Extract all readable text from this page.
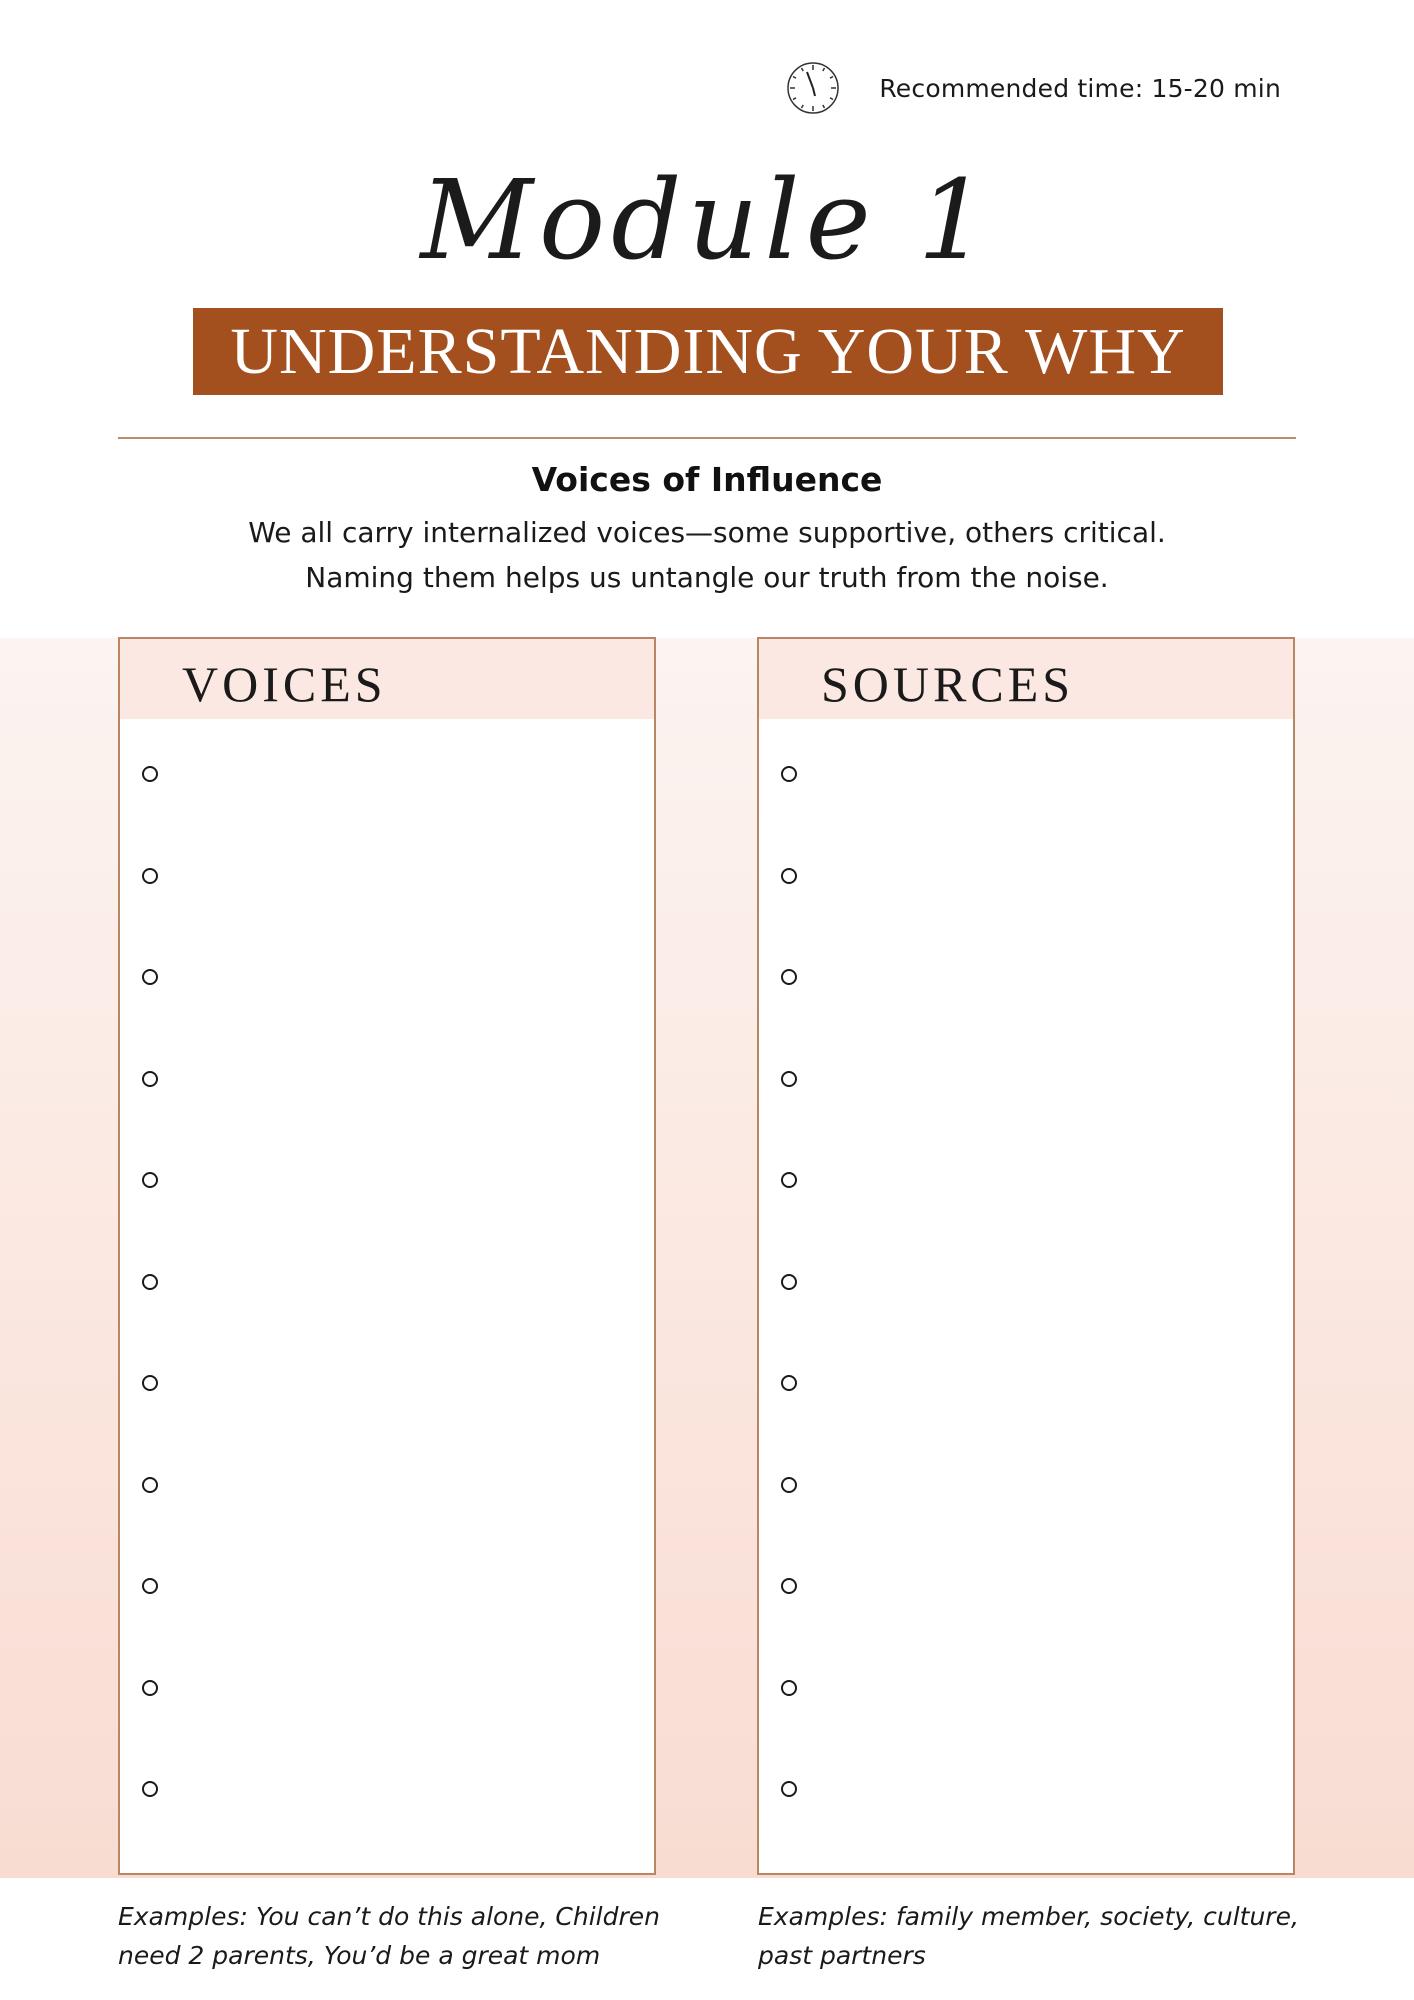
Recommended time: 15-20 min
Module 1
UNDERSTANDING YOUR WHY
Voices of Influence
We all carry internalized voices—some supportive, others critical.
Naming them helps us untangle our truth from the noise.
VOICES	SOURCES
Examples: You can’t do this alone, Children
need 2 parents, You’d be a great mom
Examples: family member, society, culture,
past partners
